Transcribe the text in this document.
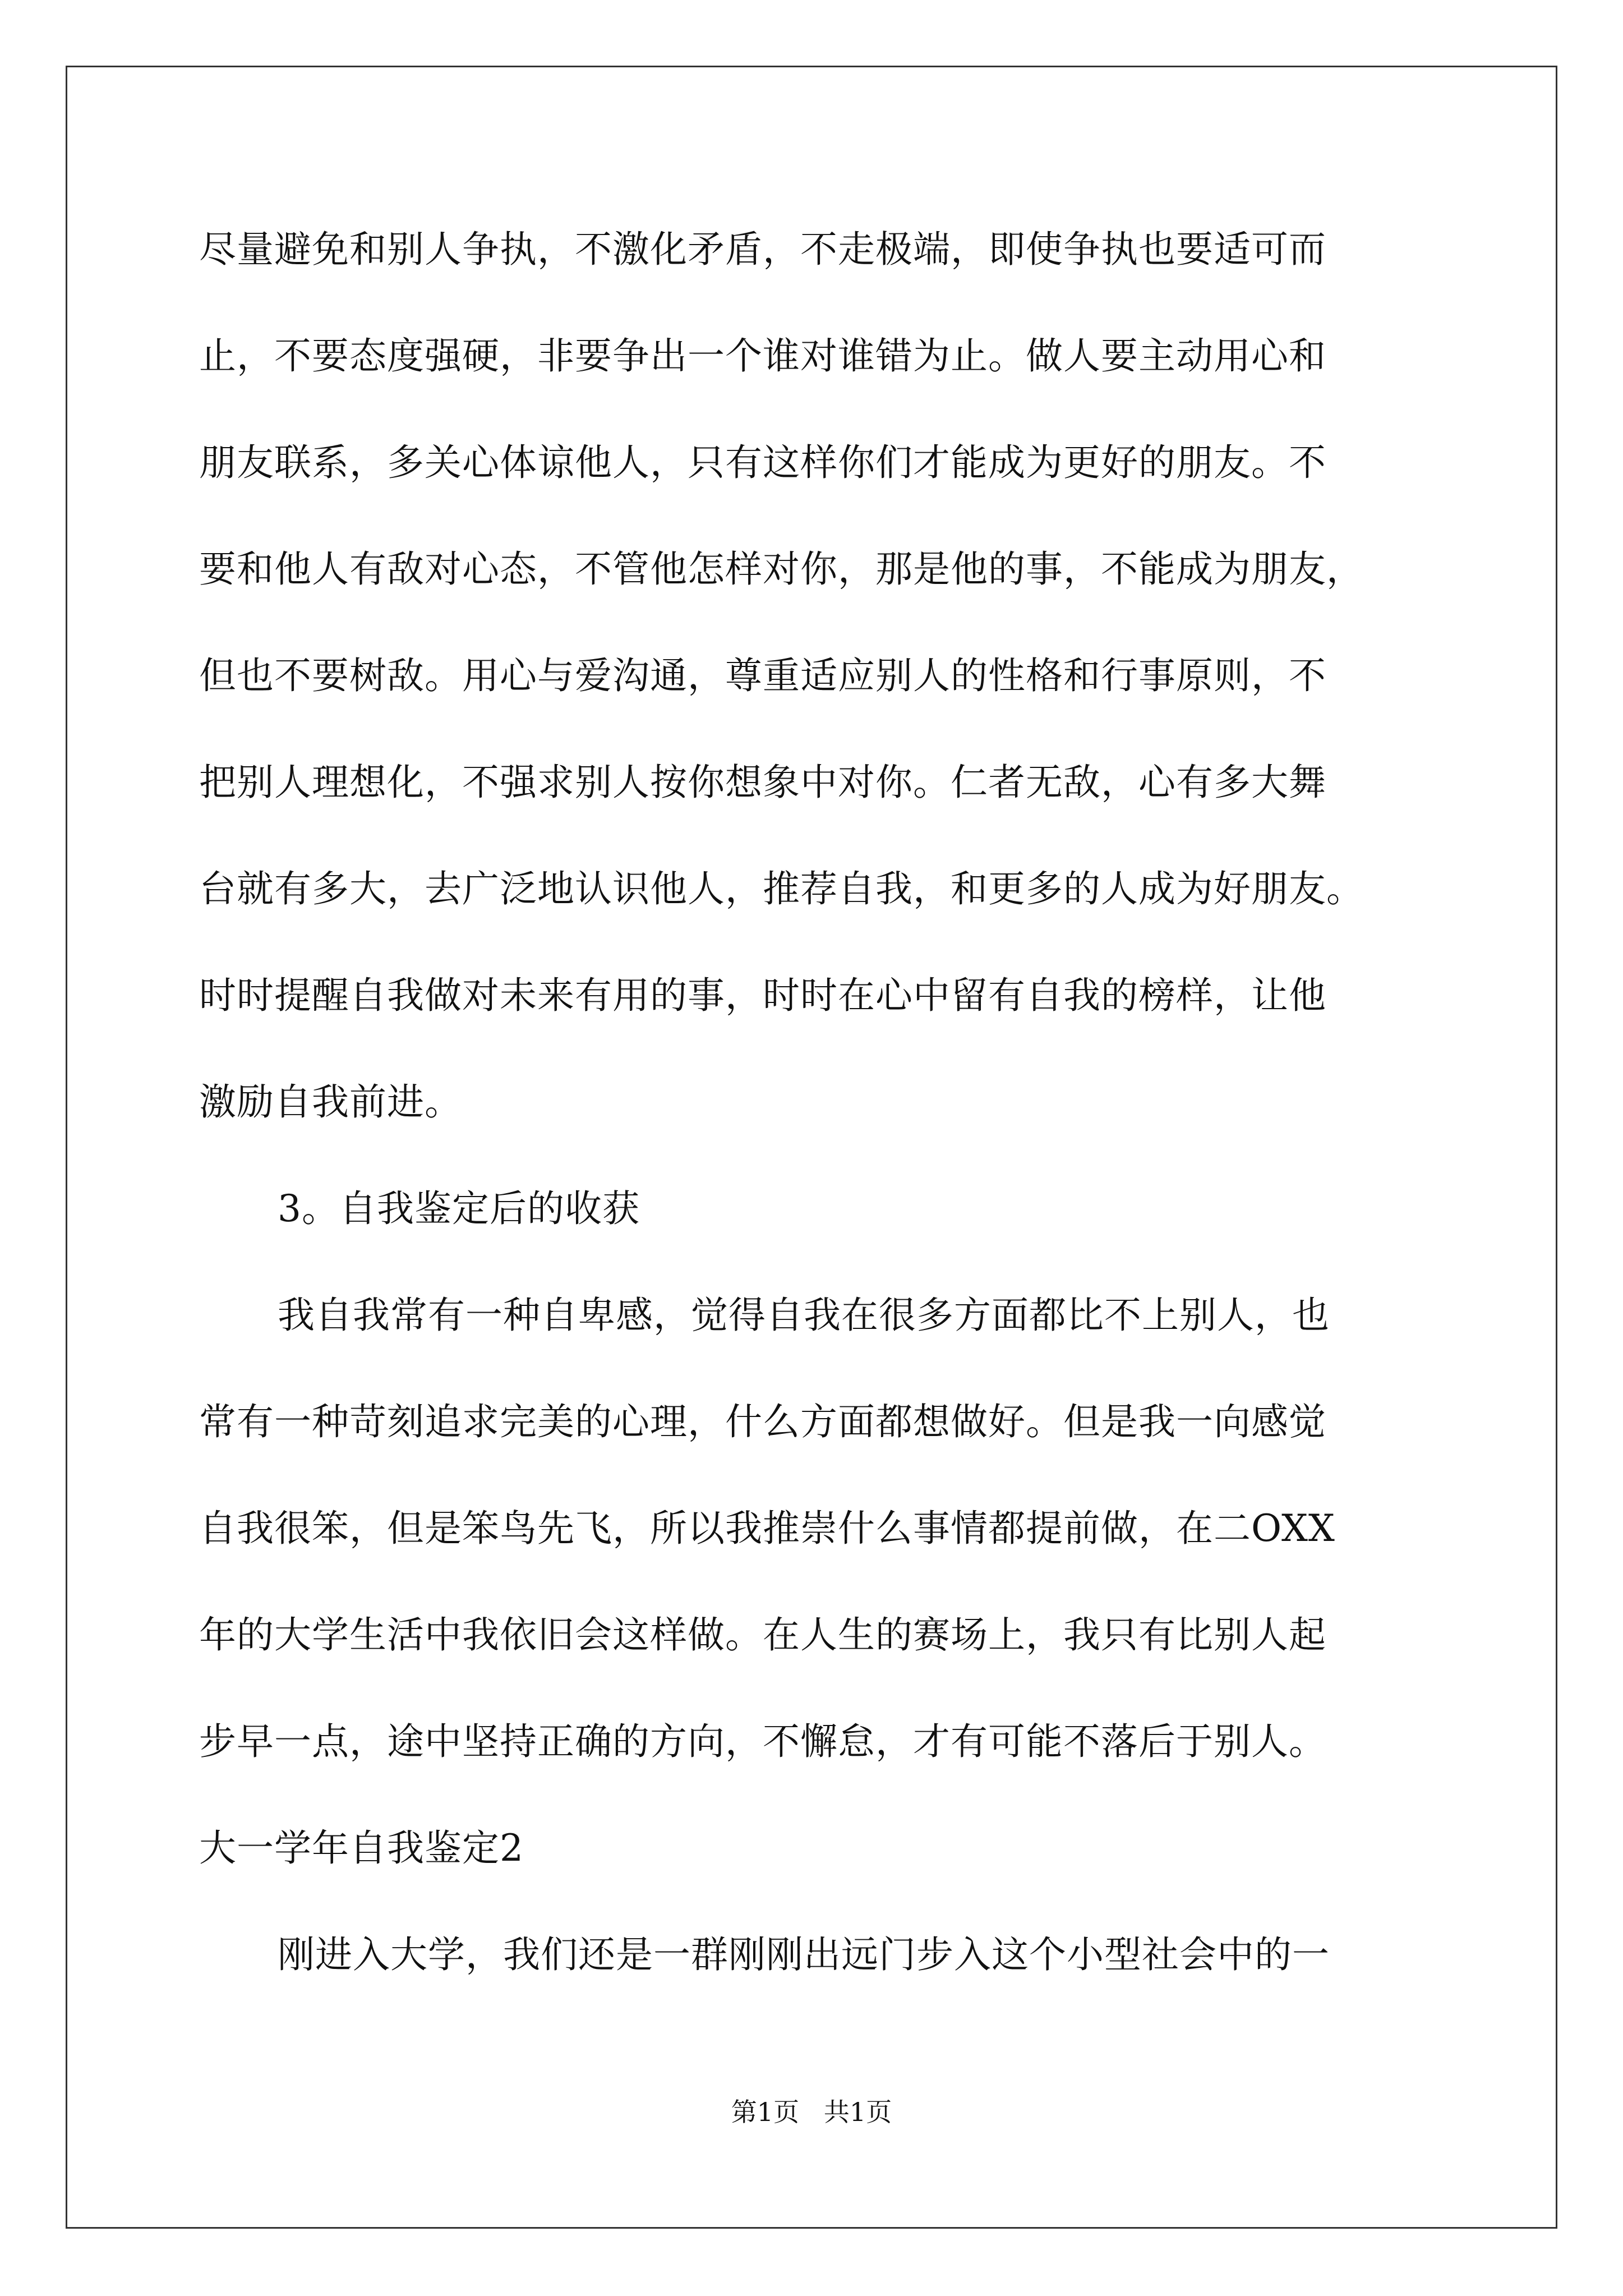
尽量避免和别人争执，不激化矛盾，不走极端，即使争执也要适可而
止，不要态度强硬，非要争出一个谁对谁错为止。做人要主动用心和
朋友联系，多关心体谅他人，只有这样你们才能成为更好的朋友。不
要和他人有敌对心态，不管他怎样对你，那是他的事，不能成为朋友，
但也不要树敌。用心与爱沟通，尊重适应别人的性格和行事原则，不
把别人理想化，不强求别人按你想象中对你。仁者无敌，心有多大舞
台就有多大，去广泛地认识他人，推荐自我，和更多的人成为好朋友。
时时提醒自我做对未来有用的事，时时在心中留有自我的榜样，让他
激励自我前进。
3。自我鉴定后的收获
我自我常有一种自卑感，觉得自我在很多方面都比不上别人，也
常有一种苛刻追求完美的心理，什么方面都想做好。但是我一向感觉
自我很笨，但是笨鸟先飞，所以我推崇什么事情都提前做，在二OXX
年的大学生活中我依旧会这样做。在人生的赛场上，我只有比别人起
步早一点，途中坚持正确的方向，不懈怠，才有可能不落后于别人。
大一学年自我鉴定2
刚进入大学，我们还是一群刚刚出远门步入这个小型社会中的一
第1页   共1页
